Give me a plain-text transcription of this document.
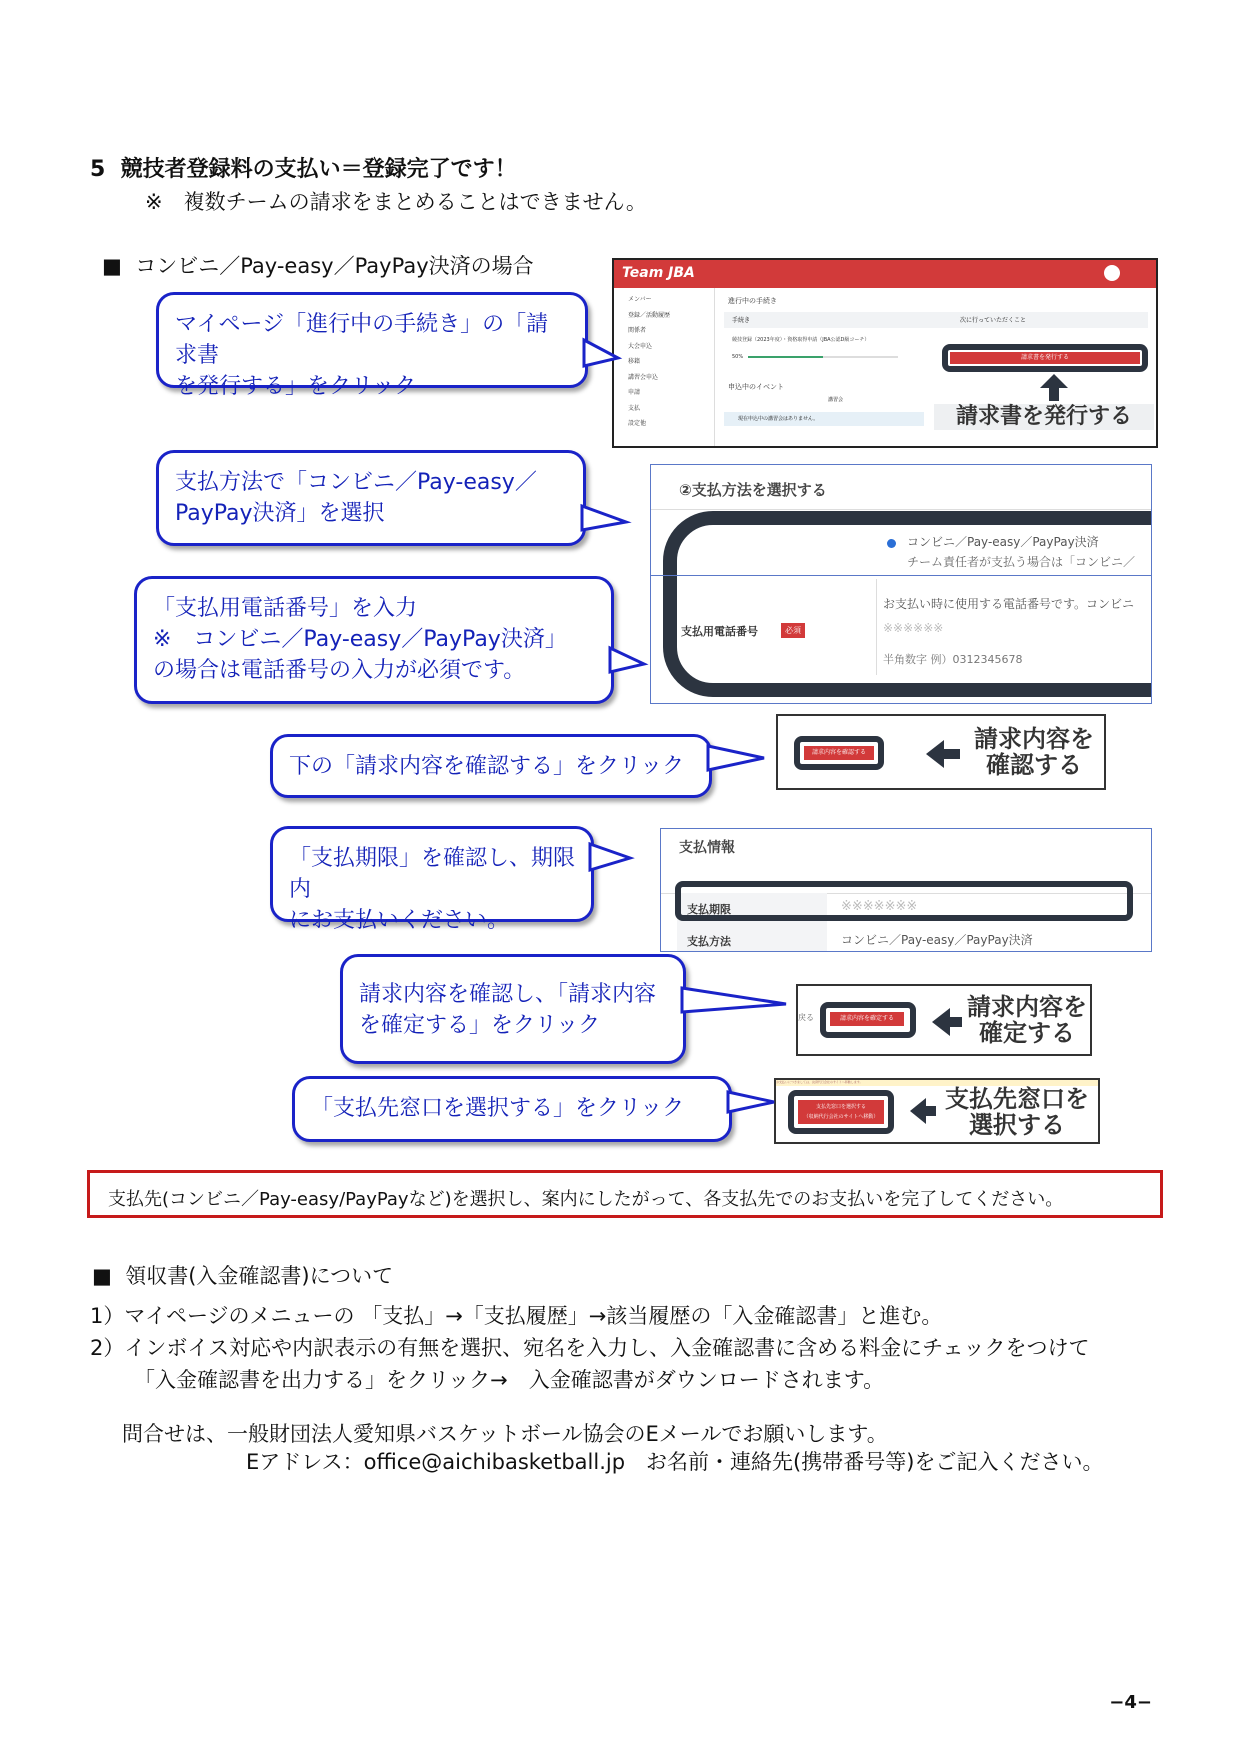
5 競技者登録料の支払い＝登録完了です！
※　複数チームの請求をまとめることはできません。
■ コンビニ／Pay-easy／PayPay決済の場合	Team JBA
メンバー
登録／活動履歴
関係者
大会申込
移籍
講習会申込
申請
支払
設定他
進行中の手続き
手続き	次に行っていただくこと
競技登録（2023年度）・資格取得申請（JBA公認D級コーチ）
50%	請求書を発行する
申込中のイベント
講習会
現在申込中の講習会はありません。	請求書を発行する
マイページ「進行中の手続き」の「請求書
を発行する」をクリック
②支払方法を選択する
コンビニ／Pay-easy／PayPay決済
チーム責任者が支払う場合は「コンビニ／
支払用電話番号	必須
お支払い時に使用する電話番号です。コンビニ
※※※※※※
半角数字 例）0312345678
支払方法で「コンビニ／Pay-easy／
PayPay決済」を選択
「支払用電話番号」を入力
※　コンビニ／Pay-easy／PayPay決済」
の場合は電話番号の入力が必須です。
請求内容を確認する	請求内容を
確認する
下の「請求内容を確認する」をクリック
支払情報
支払期限	※※※※※※※
支払方法	コンビニ／Pay-easy／PayPay決済
「支払期限」を確認し、期限内
にお支払いください。
戻る	請求内容を確定する	請求内容を
確定する
請求内容を確認し、「請求内容
を確定する」をクリック
お支払いにつきましては、決済代行会社のサイトへ移動します。
支払先窓口を選択する
（収納代行会社のサイトへ移動）
支払先窓口を
選択する
「支払先窓口を選択する」をクリック
支払先(コンビニ／Pay-easy/PayPayなど)を選択し、案内にしたがって、各支払先でのお支払いを完了してください。
■ 領収書(入金確認書)について
1）マイページのメニューの 「支払」→「支払履歴」→該当履歴の「入金確認書」と進む。
2）インボイス対応や内訳表示の有無を選択、宛名を入力し、入金確認書に含める料金にチェックをつけて
「入金確認書を出力する」をクリック→　入金確認書がダウンロードされます。
問合せは、一般財団法人愛知県バスケットボール協会のEメールでお願いします。
Eアドレス：office@aichibasketball.jp　お名前・連絡先(携帯番号等)をご記入ください。
−4−
